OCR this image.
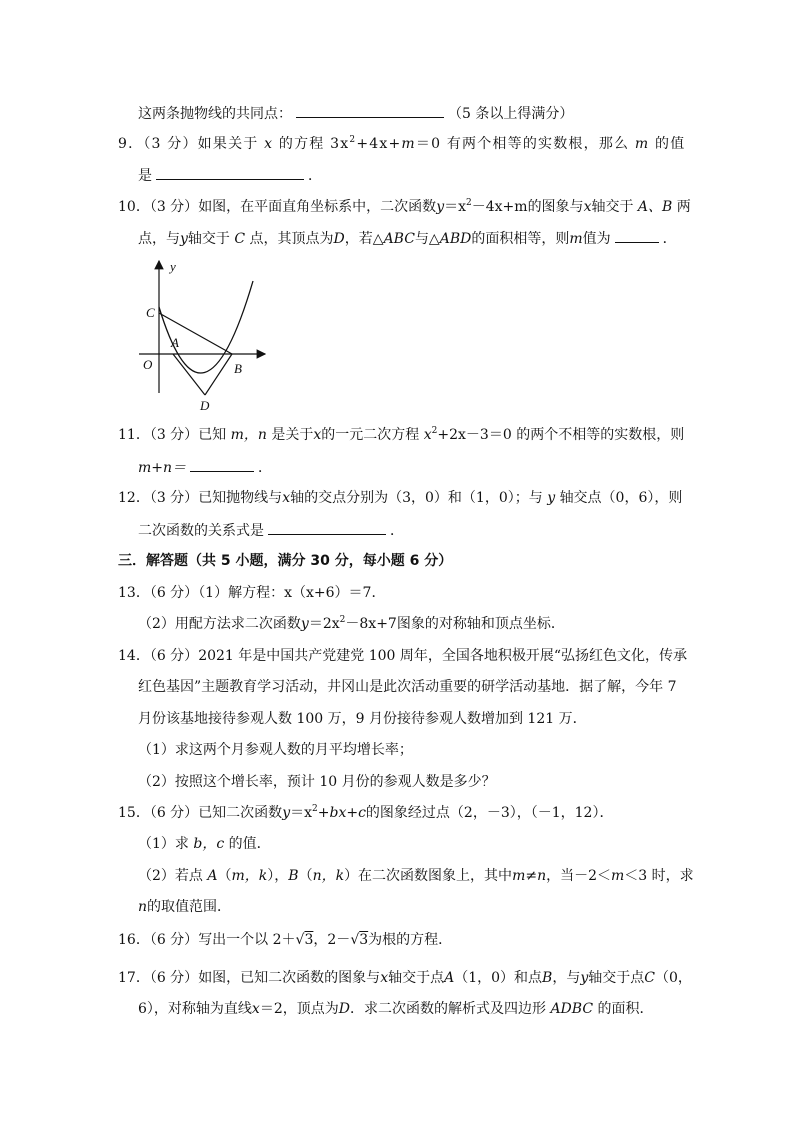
这两条抛物线的共同点：	（5 条以上得满分）
9．（3 分）如果关于 x 的方程 $3x^2+4x+m=0$ 有两个相等的实数根，那么 m 的值
是	．
10．（3 分）如图，在平面直角坐标系中，二次函数$y=x^2-4x+m$的图象与x轴交于 A、B 两
点，与y轴交于 C 点，其顶点为D，若△ABC与△ABD的面积相等，则m值为	．
y
C
A
O	B
D
11．（3 分）已知 m，n 是关于x的一元二次方程 $x^2+2x-3=0$ 的两个不相等的实数根，则
m+n＝	．
12．（3 分）已知抛物线与x轴的交点分别为（3，0）和（1，0）；与 y 轴交点（0，6），则
二次函数的关系式是	．
三．解答题（共 5 小题，满分 30 分，每小题 6 分）
13．（6 分）（1）解方程：x（x+6）＝7．
（2）用配方法求二次函数$y=2x^2-8x+7$图象的对称轴和顶点坐标．
14．（6 分）2021 年是中国共产党建党 100 周年，全国各地积极开展“弘扬红色文化，传承
红色基因”主题教育学习活动，井冈山是此次活动重要的研学活动基地．据了解，今年 7
月份该基地接待参观人数 100 万，9 月份接待参观人数增加到 121 万．
（1）求这两个月参观人数的月平均增长率；
（2）按照这个增长率，预计 10 月份的参观人数是多少？
15．（6 分）已知二次函数$y=x^2+bx+c$的图象经过点（2，－3），（－1，12）．
（1）求 b，c 的值．
（2）若点 A（m，k），B（n，k）在二次函数图象上，其中m≠n，当－2＜m＜3 时，求
n的取值范围．
16．（6 分）写出一个以 2＋√3，2－√3为根的方程．
17．（6 分）如图，已知二次函数的图象与x轴交于点A（1，0）和点B，与y轴交于点C（0，
6），对称轴为直线x＝2，顶点为D．求二次函数的解析式及四边形 ADBC 的面积．
